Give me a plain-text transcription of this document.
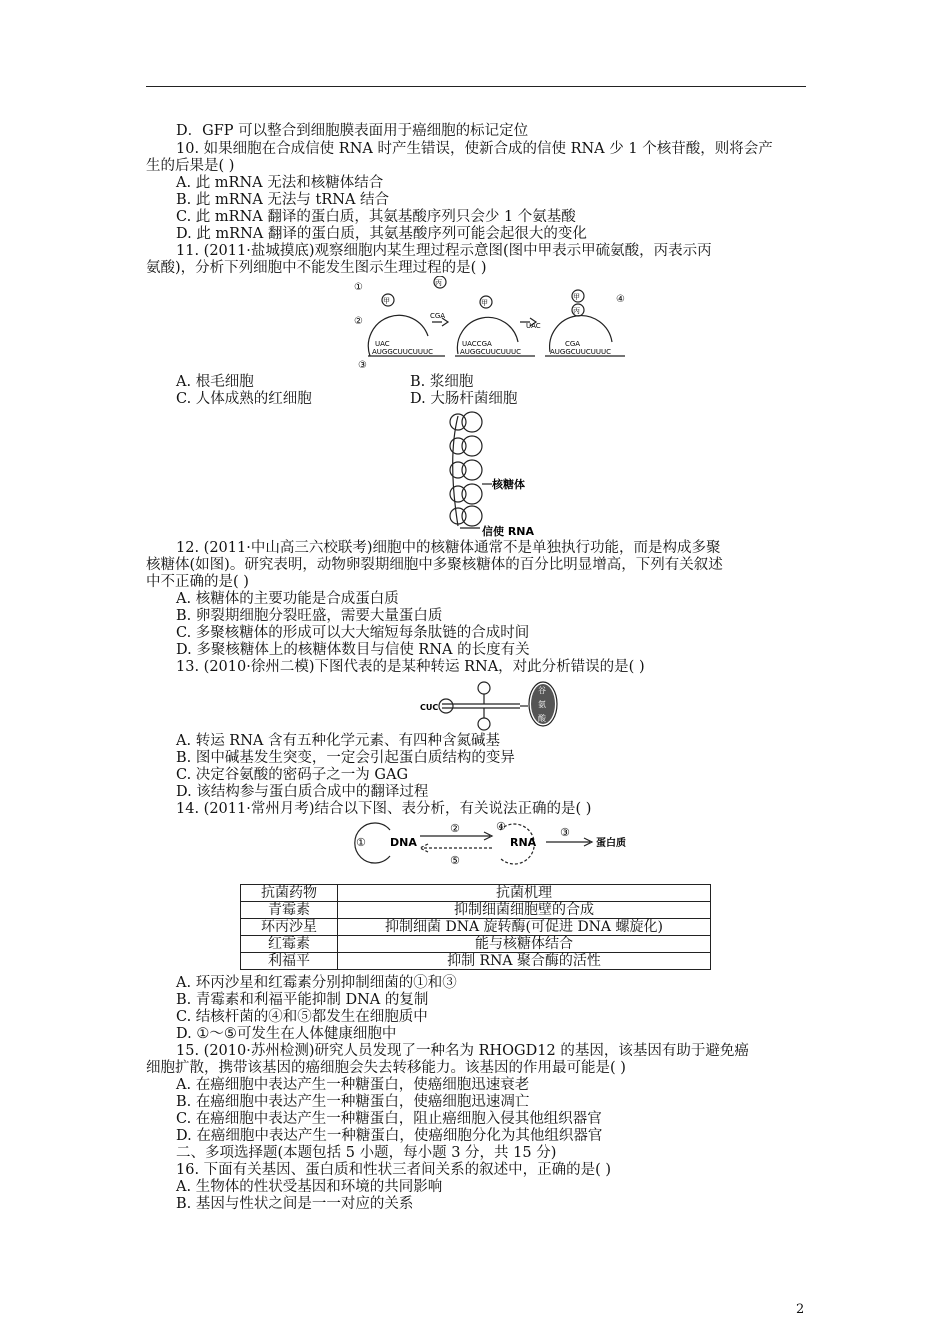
D．GFP 可以整合到细胞膜表面用于癌细胞的标记定位
10. 如果细胞在合成信使 RNA 时产生错误，使新合成的信使 RNA 少 1 个核苷酸，则将会产
生的后果是( )
A. 此 mRNA 无法和核糖体结合
B. 此 mRNA 无法与 tRNA 结合
C. 此 mRNA 翻译的蛋白质，其氨基酸序列只会少 1 个氨基酸
D. 此 mRNA 翻译的蛋白质，其氨基酸序列可能会起很大的变化
11. (2011·盐城摸底)观察细胞内某生理过程示意图(图中甲表示甲硫氨酸，丙表示丙
氨酸)，分析下列细胞中不能发生图示生理过程的是( )
①
②
③
④
甲
丙
甲
甲
丙
CGA
UAC	UACCGA
UAC
CGA
AUGGCUUCUUUC	AUGGCUUCUUUC	AUGGCUUCUUUC
A. 根毛细胞	B. 浆细胞
C. 人体成熟的红细胞	D. 大肠杆菌细胞
核糖体
信使 RNA
12. (2011·中山高三六校联考)细胞中的核糖体通常不是单独执行功能，而是构成多聚
核糖体(如图)。研究表明，动物卵裂期细胞中多聚核糖体的百分比明显增高，下列有关叙述
中不正确的是( )
A. 核糖体的主要功能是合成蛋白质
B. 卵裂期细胞分裂旺盛，需要大量蛋白质
C. 多聚核糖体的形成可以大大缩短每条肽链的合成时间
D. 多聚核糖体上的核糖体数目与信使 RNA 的长度有关
13. (2010·徐州二模)下图代表的是某种转运 RNA，对此分析错误的是( )
CUC
谷
氨
酸
A. 转运 RNA 含有五种化学元素、有四种含氮碱基
B. 图中碱基发生突变，一定会引起蛋白质结构的变异
C. 决定谷氨酸的密码子之一为 GAG
D. 该结构参与蛋白质合成中的翻译过程
14. (2011·常州月考)结合以下图、表分析，有关说法正确的是( )
① DNA
②
⑤
④
RNA
③
蛋白质
抗菌药物	抗菌机理
青霉素	抑制细菌细胞壁的合成
环丙沙星	抑制细菌 DNA 旋转酶(可促进 DNA 螺旋化)
红霉素	能与核糖体结合
利福平	抑制 RNA 聚合酶的活性
A. 环丙沙星和红霉素分别抑制细菌的①和③
B. 青霉素和利福平能抑制 DNA 的复制
C. 结核杆菌的④和⑤都发生在细胞质中
D. ①～⑤可发生在人体健康细胞中
15. (2010·苏州检测)研究人员发现了一种名为 RHOGD12 的基因，该基因有助于避免癌
细胞扩散，携带该基因的癌细胞会失去转移能力。该基因的作用最可能是( )
A. 在癌细胞中表达产生一种糖蛋白，使癌细胞迅速衰老
B. 在癌细胞中表达产生一种糖蛋白，使癌细胞迅速凋亡
C. 在癌细胞中表达产生一种糖蛋白，阻止癌细胞入侵其他组织器官
D. 在癌细胞中表达产生一种糖蛋白，使癌细胞分化为其他组织器官
二、多项选择题(本题包括 5 小题，每小题 3 分，共 15 分)
16. 下面有关基因、蛋白质和性状三者间关系的叙述中，正确的是( )
A. 生物体的性状受基因和环境的共同影响
B. 基因与性状之间是一一对应的关系
2
